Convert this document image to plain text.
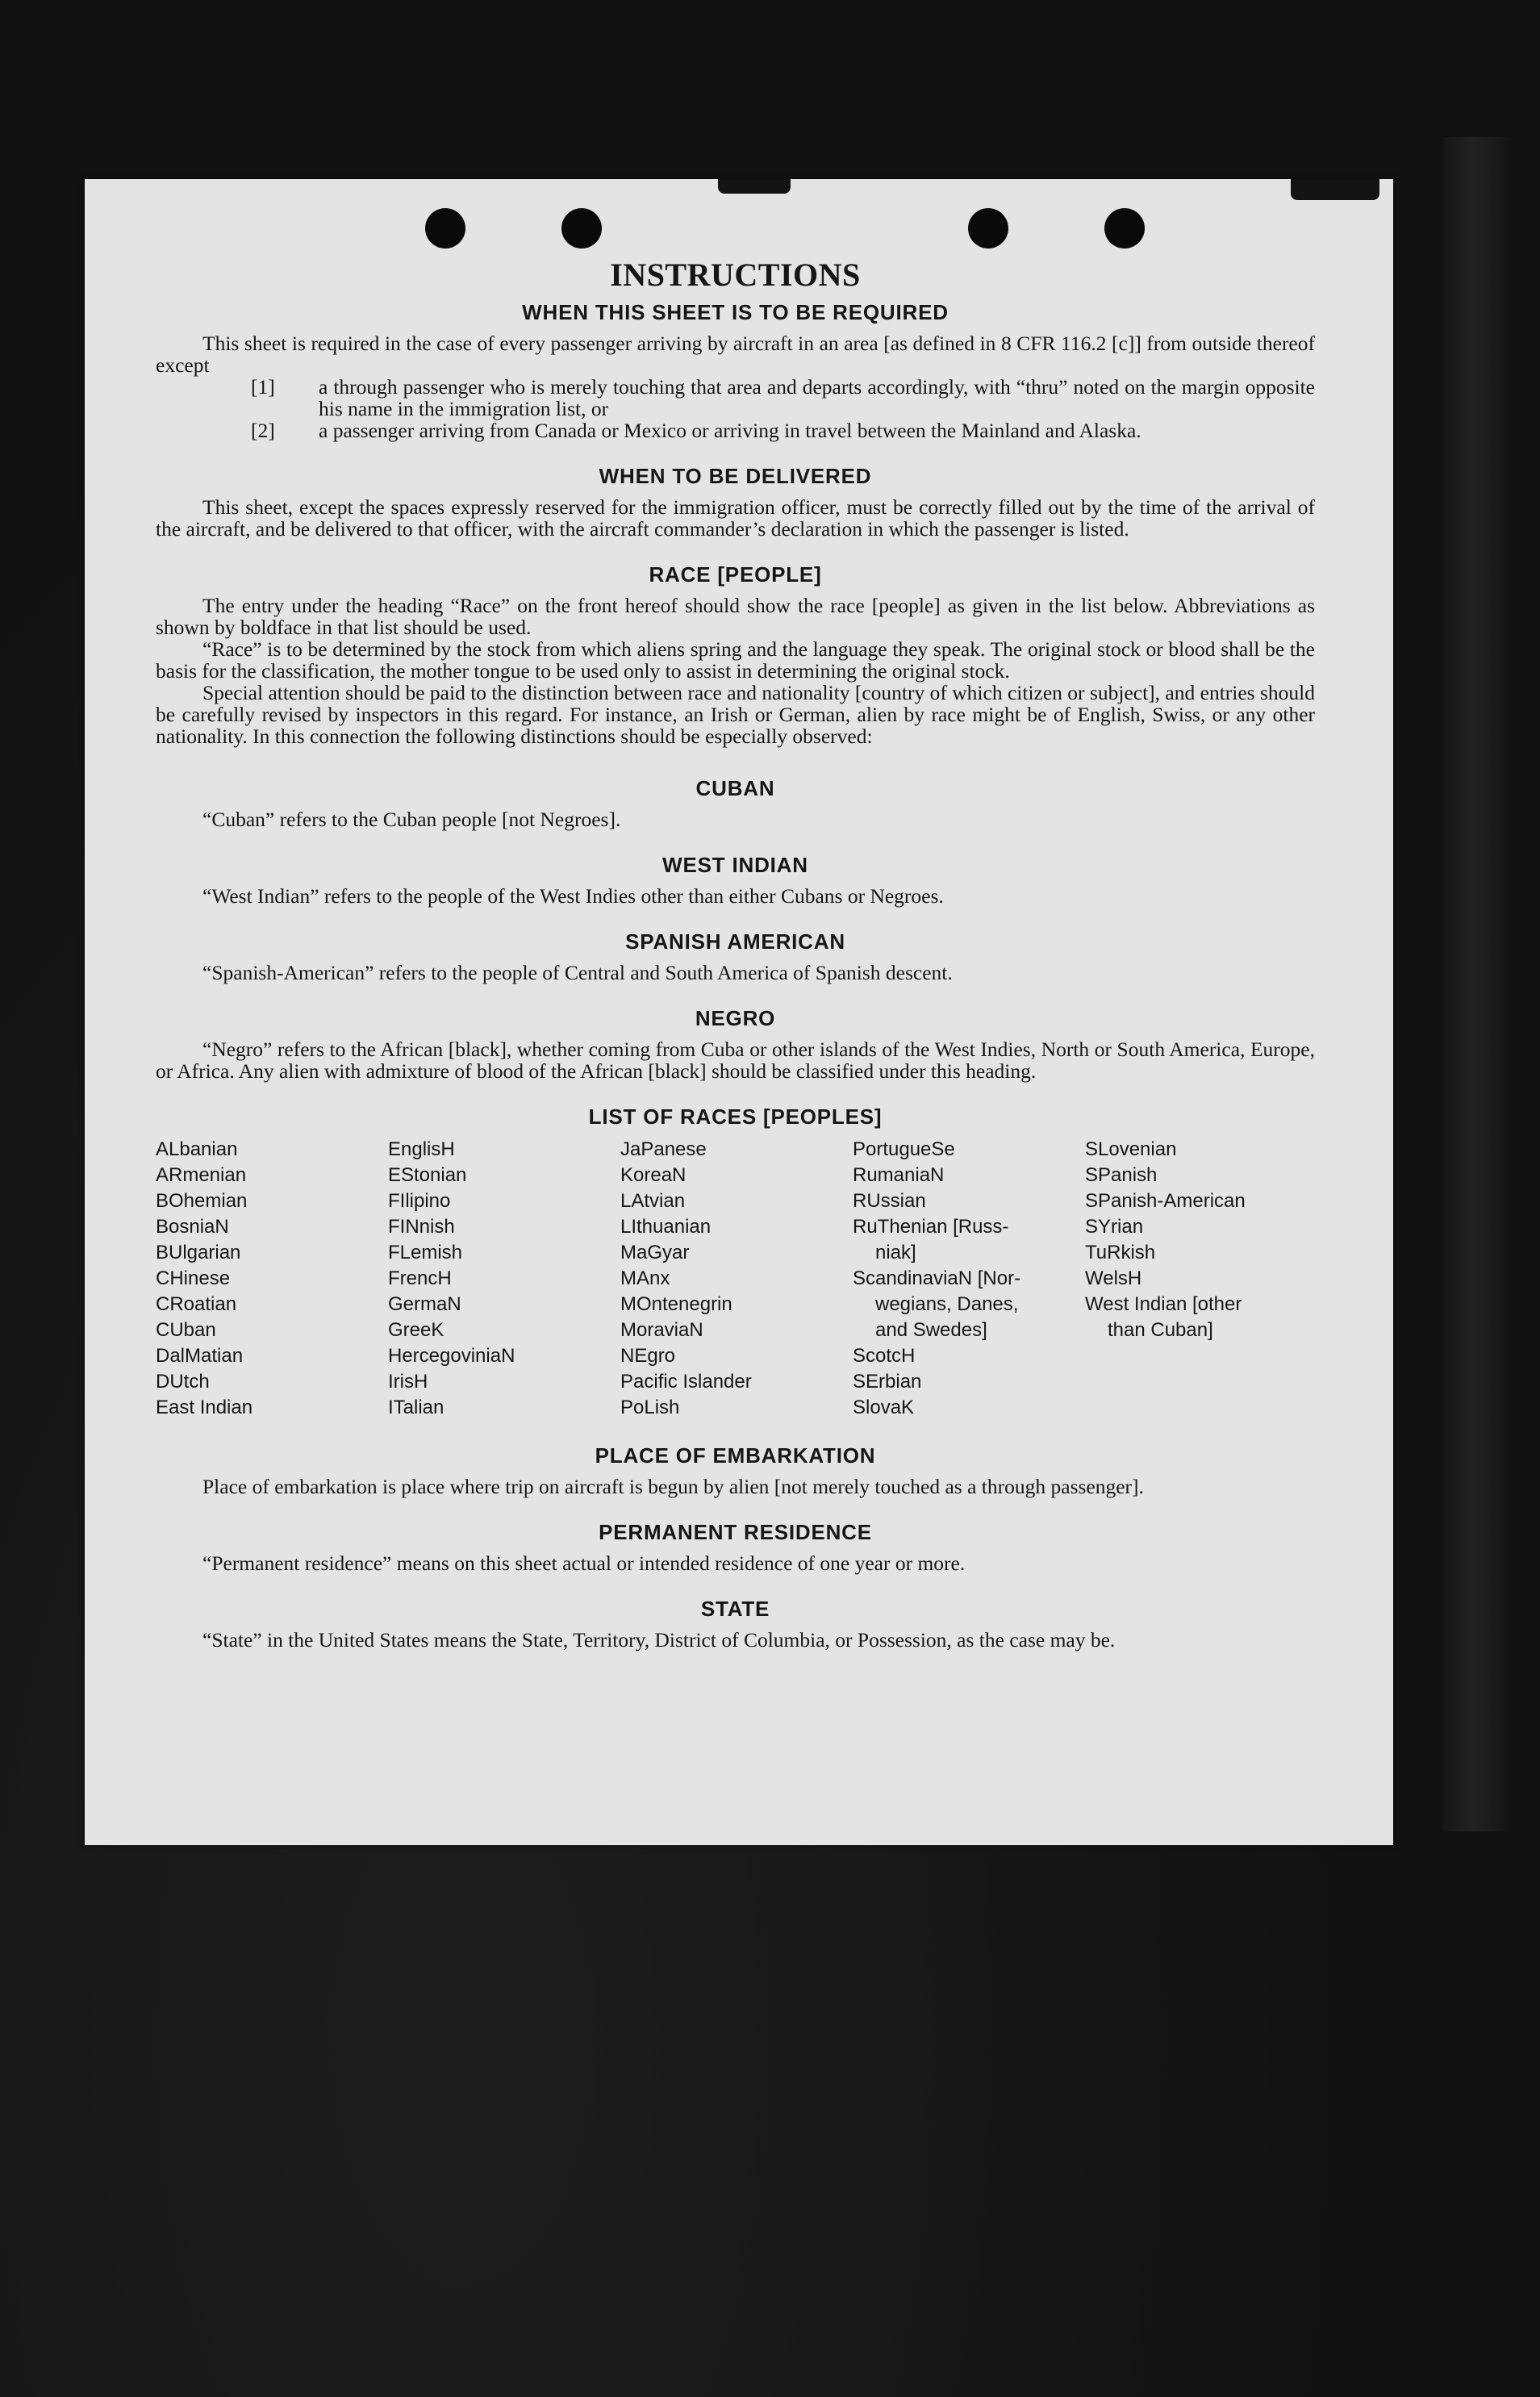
INSTRUCTIONS
WHEN THIS SHEET IS TO BE REQUIRED

This sheet is required in the case of every passenger arriving by aircraft in an area [as defined in 8 CFR 116.2 [c]] from outside thereof except

[1]	a through passenger who is merely touching that area and departs accordingly, with “thru” noted on the margin opposite his name in the immigration list, or
[2]	a passenger arriving from Canada or Mexico or arriving in travel between the Mainland and Alaska.
WHEN TO BE DELIVERED

This sheet, except the spaces expressly reserved for the immigration officer, must be correctly filled out by the time of the arrival of the aircraft, and be delivered to that officer, with the aircraft commander’s declaration in which the passenger is listed.

RACE [PEOPLE]

The entry under the heading “Race” on the front hereof should show the race [people] as given in the list below. Abbreviations as shown by boldface in that list should be used.

“Race” is to be determined by the stock from which aliens spring and the language they speak. The original stock or blood shall be the basis for the classification, the mother tongue to be used only to assist in determining the original stock.

Special attention should be paid to the distinction between race and nationality [country of which citizen or subject], and entries should be carefully revised by inspectors in this regard. For instance, an Irish or German, alien by race might be of English, Swiss, or any other nationality. In this connection the following distinctions should be especially observed:

CUBAN

“Cuban” refers to the Cuban people [not Negroes].

WEST INDIAN

“West Indian” refers to the people of the West Indies other than either Cubans or Negroes.

SPANISH AMERICAN

“Spanish-American” refers to the people of Central and South America of Spanish descent.

NEGRO

“Negro” refers to the African [black], whether coming from Cuba or other islands of the West Indies, North or South America, Europe, or Africa. Any alien with admixture of blood of the African [black] should be classified under this heading.

LIST OF RACES [PEOPLES]
ALbanian
ARmenian
BOhemian
BosniaN
BUlgarian
CHinese
CRoatian
CUban
DalMatian
DUtch
East Indian
EnglisH
EStonian
FIlipino
FINnish
FLemish
FrencH
GermaN
GreeK
HercegoviniaN
IrisH
ITalian
JaPanese
KoreaN
LAtvian
LIthuanian
MaGyar
MAnx
MOntenegrin
MoraviaN
NEgro
Pacific Islander
PoLish
PortugueSe
RumaniaN
RUssian
RuThenian [Russ-
niak]
ScandinaviaN [Nor-
wegians, Danes,
and Swedes]
ScotcH
SErbian
SlovaK
SLovenian
SPanish
SPanish-American
SYrian
TuRkish
WelsH
West Indian [other
than Cuban]
PLACE OF EMBARKATION

Place of embarkation is place where trip on aircraft is begun by alien [not merely touched as a through passenger].

PERMANENT RESIDENCE

“Permanent residence” means on this sheet actual or intended residence of one year or more.

STATE

“State” in the United States means the State, Territory, District of Columbia, or Possession, as the case may be.
